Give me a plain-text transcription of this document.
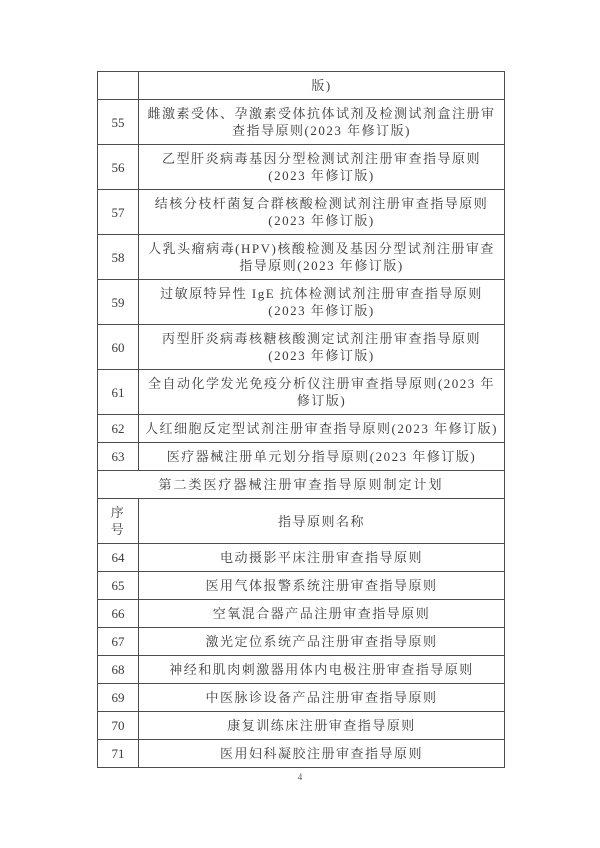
	版)
55	雌激素受体、孕激素受体抗体试剂及检测试剂盒注册审查指导原则(2023 年修订版)
56	乙型肝炎病毒基因分型检测试剂注册审查指导原则(2023 年修订版)
57	结核分枝杆菌复合群核酸检测试剂注册审查指导原则(2023 年修订版)
58	人乳头瘤病毒(HPV)核酸检测及基因分型试剂注册审查指导原则(2023 年修订版)
59	过敏原特异性 IgE 抗体检测试剂注册审查指导原则(2023 年修订版)
60	丙型肝炎病毒核糖核酸测定试剂注册审查指导原则(2023 年修订版)
61	全自动化学发光免疫分析仪注册审查指导原则(2023 年修订版)
62	人红细胞反定型试剂注册审查指导原则(2023 年修订版)
63	医疗器械注册单元划分指导原则(2023 年修订版)
第二类医疗器械注册审查指导原则制定计划	
序号	指导原则名称
64	电动摄影平床注册审查指导原则
65	医用气体报警系统注册审查指导原则
66	空氧混合器产品注册审查指导原则
67	激光定位系统产品注册审查指导原则
68	神经和肌肉刺激器用体内电极注册审查指导原则
69	中医脉诊设备产品注册审查指导原则
70	康复训练床注册审查指导原则
71	医用妇科凝胶注册审查指导原则
4
